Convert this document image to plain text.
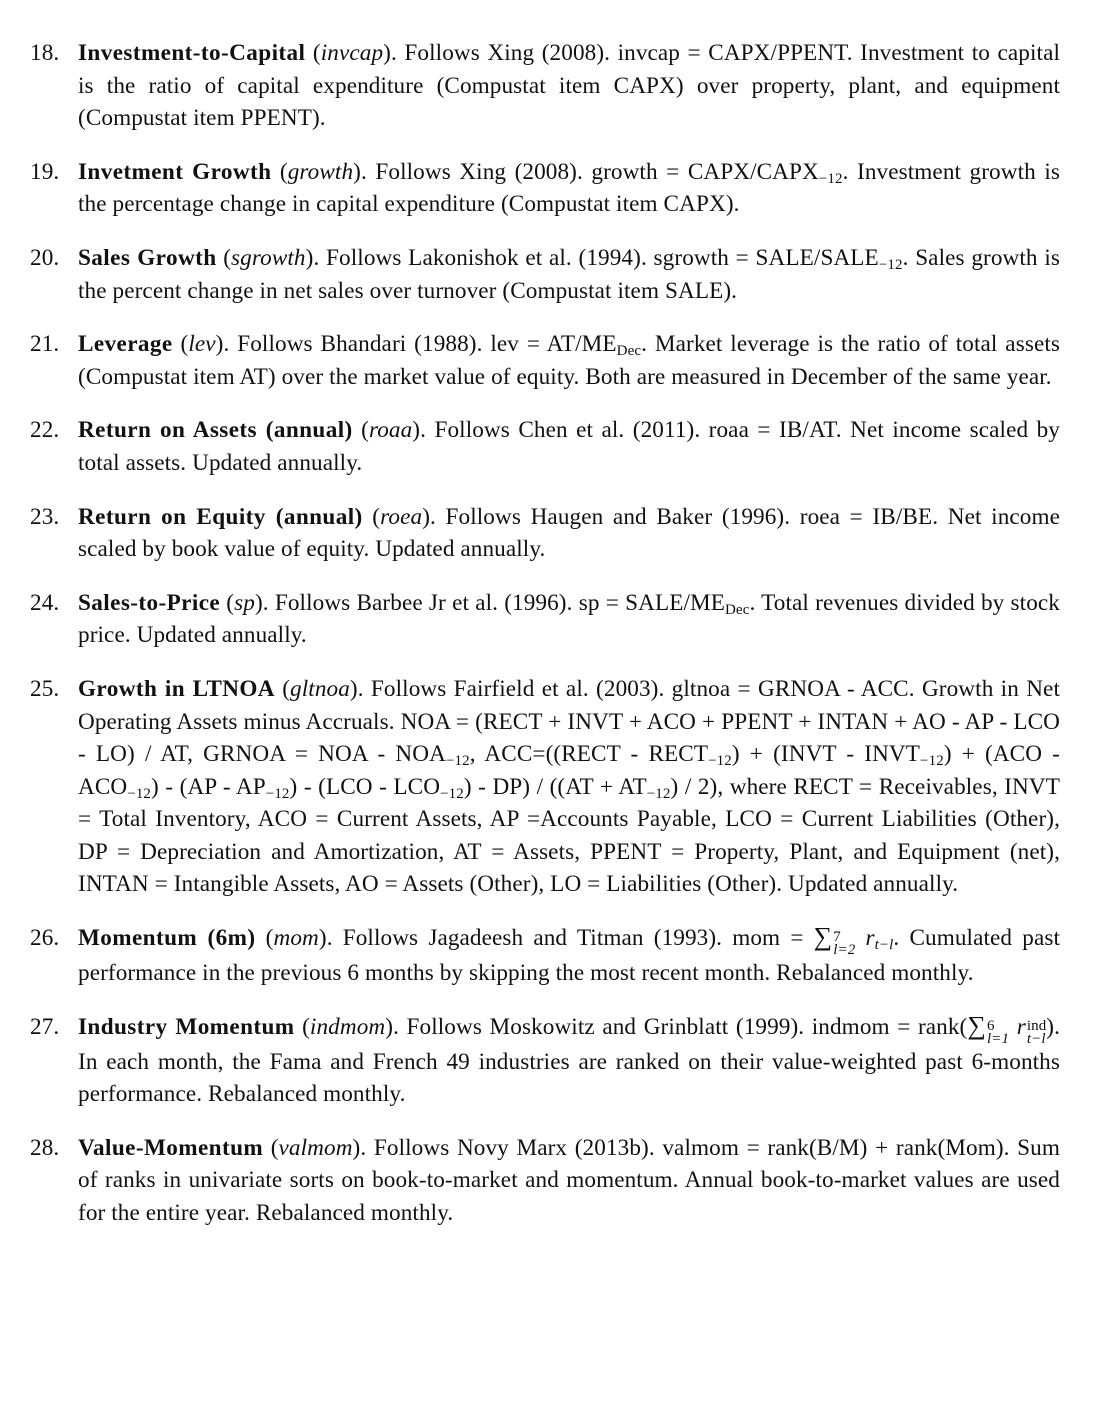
18. Investment-to-Capital (invcap). Follows Xing (2008). invcap = CAPX/PPENT. Investment to capital is the ratio of capital expenditure (Compustat item CAPX) over property, plant, and equipment (Compustat item PPENT).
19. Invetment Growth (growth). Follows Xing (2008). growth = CAPX/$CAPX_{-12}$. Investment growth is the percentage change in capital expenditure (Compustat item CAPX).
20. Sales Growth (sgrowth). Follows Lakonishok et al. (1994). sgrowth = SALE/$SALE_{-12}$. Sales growth is the percent change in net sales over turnover (Compustat item SALE).
21. Leverage (lev). Follows Bhandari (1988). lev = $AT/ME_{Dec}$. Market leverage is the ratio of total assets (Compustat item AT) over the market value of equity. Both are measured in December of the same year.
22. Return on Assets (annual) (roaa). Follows Chen et al. (2011). roaa = IB/AT. Net income scaled by total assets. Updated annually.
23. Return on Equity (annual) (roea). Follows Haugen and Baker (1996). roea = IB/BE. Net income scaled by book value of equity. Updated annually.
24. Sales-to-Price (sp). Follows Barbee Jr et al. (1996). sp = SALE/$ME_{Dec}$. Total revenues divided by stock price. Updated annually.
25. Growth in LTNOA (gltnoa). Follows Fairfield et al. (2003). gltnoa = GRNOA - ACC. Growth in Net Operating Assets minus Accruals. NOA = (RECT + INVT + ACO + PPENT + INTAN + AO - AP - LCO - LO) / AT, GRNOA = NOA - $NOA_{-12}$, ACC=((RECT - $RECT_{-12}$) + (INVT - $INVT_{-12}) + (ACO - ACO_{-12}) - (AP - AP_{-12}) - (LCO - LCO_{-12}) - DP) / ((AT + AT_{-12}) / 2)$, where RECT = Receivables, INVT = Total Inventory, ACO = Current Assets, AP =Accounts Payable, LCO = Current Liabilities (Other), DP = Depreciation and Amortization, AT = Assets, PPENT = Property, Plant, and Equipment (net), INTAN = Intangible Assets, AO = Assets (Other), LO = Liabilities (Other). Updated annually.
26. Momentum (6m) (mom). Follows Jagadeesh and Titman (1993). mom = ∑ 7
l=2 $r_{t-l}$. Cumulated past performance in the previous 6 months by skipping the most recent month. Rebalanced monthly.
27. Industry Momentum (indmom). Follows Moskowitz and Grinblatt (1999). indmom = rank(∑ 6
l=1 r ind
t−l ). In each month, the Fama and French 49 industries are ranked on their value-weighted past 6-months performance. Rebalanced monthly.
28. Value-Momentum (valmom). Follows Novy Marx (2013b). valmom = rank(B/M) + rank(Mom). Sum of ranks in univariate sorts on book-to-market and momentum. Annual book-to-market values are used for the entire year. Rebalanced monthly.
